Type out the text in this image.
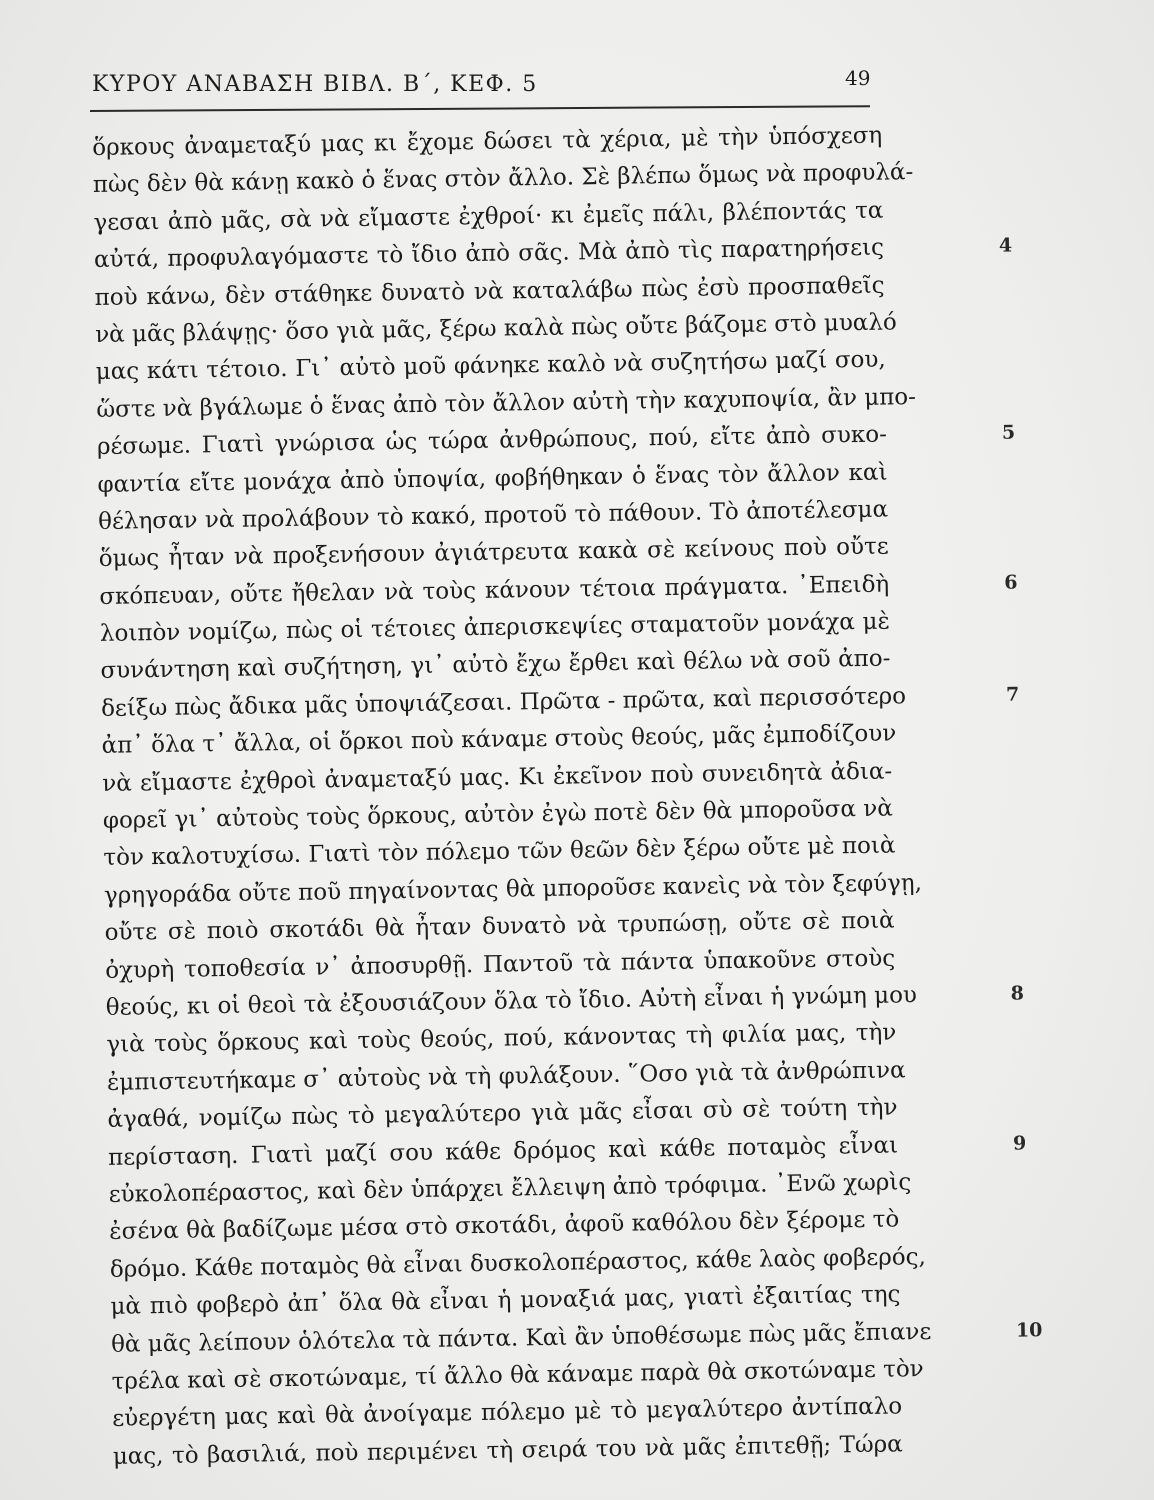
ΚΥΡΟΥ ΑΝΑΒΑΣΗ ΒΙΒΛ. Β΄, ΚΕΦ. 5	49
ὅρκους ἀναμεταξύ μας κι ἔχομε δώσει τὰ χέρια, μὲ τὴν ὑπόσχεση
πὼς δὲν θὰ κάνῃ κακὸ ὁ ἕνας στὸν ἄλλο. Σὲ βλέπω ὅμως νὰ προφυλά-
γεσαι ἀπὸ μᾶς, σὰ νὰ εἴμαστε ἐχθροί· κι ἐμεῖς πάλι, βλέποντάς τα
αὐτά, προφυλαγόμαστε τὸ ἴδιο ἀπὸ σᾶς. Μὰ ἀπὸ τὶς παρατηρήσεις	4
ποὺ κάνω, δὲν στάθηκε δυνατὸ νὰ καταλάβω πὼς ἐσὺ προσπαθεῖς
νὰ μᾶς βλάψῃς· ὅσο γιὰ μᾶς, ξέρω καλὰ πὼς οὔτε βάζομε στὸ μυαλό
μας κάτι τέτοιο. Γι᾿ αὐτὸ μοῦ φάνηκε καλὸ νὰ συζητήσω μαζί σου,
ὥστε νὰ βγάλωμε ὁ ἕνας ἀπὸ τὸν ἄλλον αὐτὴ τὴν καχυποψία, ἂν μπο-
ρέσωμε. Γιατὶ γνώρισα ὡς τώρα ἀνθρώπους, πού, εἴτε ἀπὸ συκο-	5
φαντία εἴτε μονάχα ἀπὸ ὑποψία, φοβήθηκαν ὁ ἕνας τὸν ἄλλον καὶ
θέλησαν νὰ προλάβουν τὸ κακό, προτοῦ τὸ πάθουν. Τὸ ἀποτέλεσμα
ὅμως ἦταν νὰ προξενήσουν ἀγιάτρευτα κακὰ σὲ κείνους ποὺ οὔτε
σκόπευαν, οὔτε ἤθελαν νὰ τοὺς κάνουν τέτοια πράγματα. ᾿Επειδὴ	6
λοιπὸν νομίζω, πὼς οἱ τέτοιες ἀπερισκεψίες σταματοῦν μονάχα μὲ
συνάντηση καὶ συζήτηση, γι᾿ αὐτὸ ἔχω ἔρθει καὶ θέλω νὰ σοῦ ἀπο-
δείξω πὼς ἄδικα μᾶς ὑποψιάζεσαι. Πρῶτα - πρῶτα, καὶ περισσότερο	7
ἀπ᾿ ὅλα τ᾿ ἄλλα, οἱ ὅρκοι ποὺ κάναμε στοὺς θεούς, μᾶς ἐμποδίζουν
νὰ εἴμαστε ἐχθροὶ ἀναμεταξύ μας. Κι ἐκεῖνον ποὺ συνειδητὰ ἀδια-
φορεῖ γι᾿ αὐτοὺς τοὺς ὅρκους, αὐτὸν ἐγὼ ποτὲ δὲν θὰ μποροῦσα νὰ
τὸν καλοτυχίσω. Γιατὶ τὸν πόλεμο τῶν θεῶν δὲν ξέρω οὔτε μὲ ποιὰ
γρηγοράδα οὔτε ποῦ πηγαίνοντας θὰ μποροῦσε κανεὶς νὰ τὸν ξεφύγῃ,
οὔτε σὲ ποιὸ σκοτάδι θὰ ἦταν δυνατὸ νὰ τρυπώσῃ, οὔτε σὲ ποιὰ
ὀχυρὴ τοποθεσία ν᾿ ἀποσυρθῇ. Παντοῦ τὰ πάντα ὑπακοῦνε στοὺς
θεούς, κι οἱ θεοὶ τὰ ἐξουσιάζουν ὅλα τὸ ἴδιο. Αὐτὴ εἶναι ἡ γνώμη μου	8
γιὰ τοὺς ὅρκους καὶ τοὺς θεούς, πού, κάνοντας τὴ φιλία μας, τὴν
ἐμπιστευτήκαμε σ᾿ αὐτοὺς νὰ τὴ φυλάξουν. ῞Οσο γιὰ τὰ ἀνθρώπινα
ἀγαθά, νομίζω πὼς τὸ μεγαλύτερο γιὰ μᾶς εἶσαι σὺ σὲ τούτη τὴν
περίσταση. Γιατὶ μαζί σου κάθε δρόμος καὶ κάθε ποταμὸς εἶναι	9
εὐκολοπέραστος, καὶ δὲν ὑπάρχει ἔλλειψη ἀπὸ τρόφιμα. ᾿Ενῶ χωρὶς
ἐσένα θὰ βαδίζωμε μέσα στὸ σκοτάδι, ἀφοῦ καθόλου δὲν ξέρομε τὸ
δρόμο. Κάθε ποταμὸς θὰ εἶναι δυσκολοπέραστος, κάθε λαὸς φοβερός,
μὰ πιὸ φοβερὸ ἀπ᾿ ὅλα θὰ εἶναι ἡ μοναξιά μας, γιατὶ ἐξαιτίας της
θὰ μᾶς λείπουν ὁλότελα τὰ πάντα. Καὶ ἂν ὑποθέσωμε πὼς μᾶς ἔπιανε	10
τρέλα καὶ σὲ σκοτώναμε, τί ἄλλο θὰ κάναμε παρὰ θὰ σκοτώναμε τὸν
εὐεργέτη μας καὶ θὰ ἀνοίγαμε πόλεμο μὲ τὸ μεγαλύτερο ἀντίπαλο
μας, τὸ βασιλιά, ποὺ περιμένει τὴ σειρά του νὰ μᾶς ἐπιτεθῇ; Τώρα
